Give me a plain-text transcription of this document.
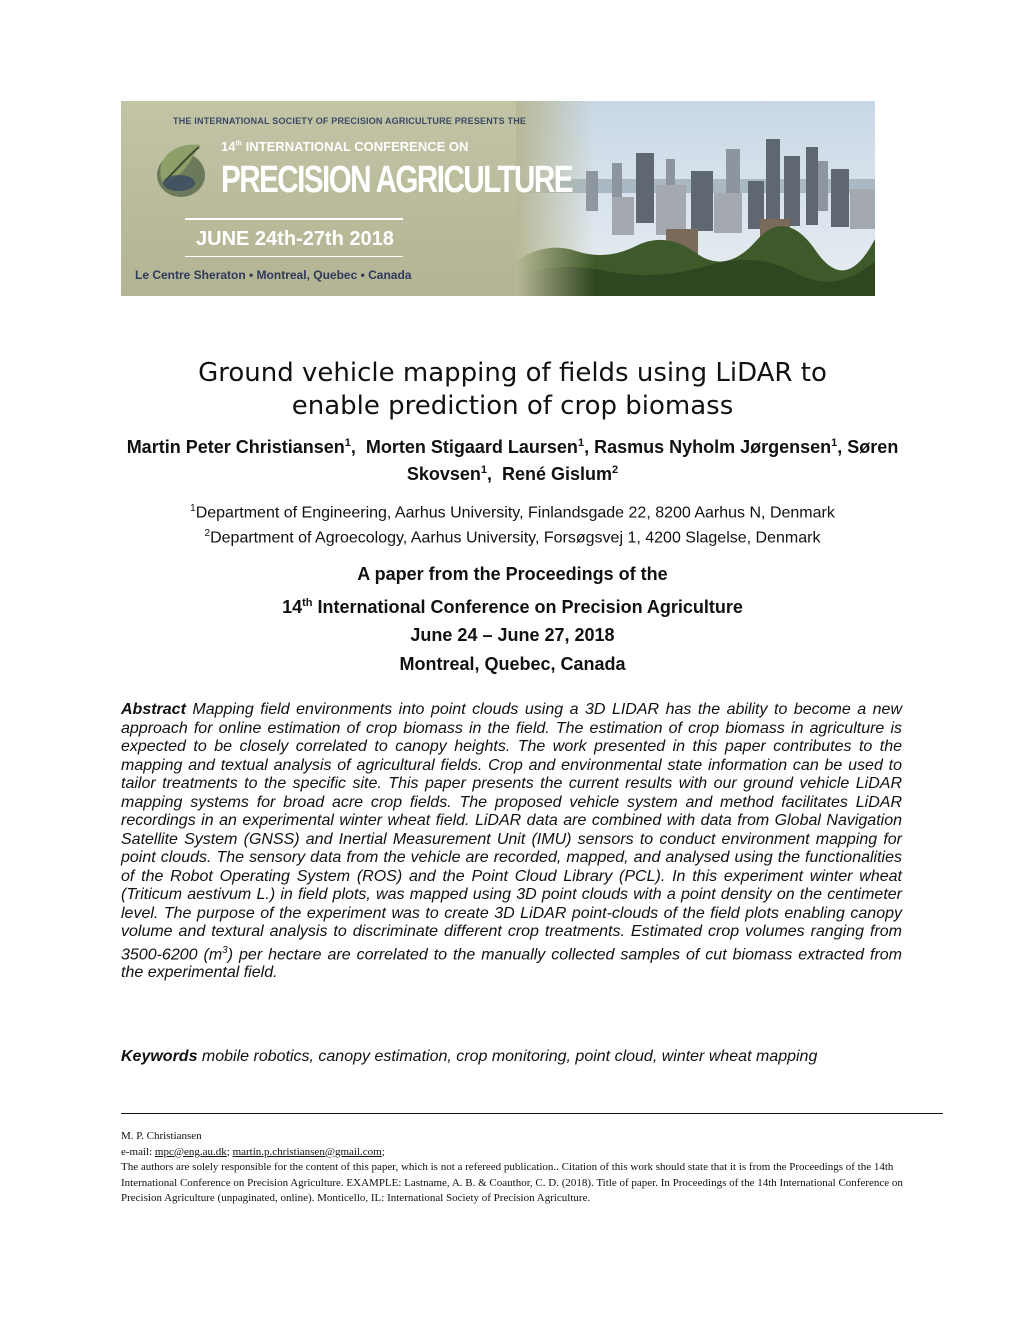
THE INTERNATIONAL SOCIETY OF PRECISION AGRICULTURE PRESENTS THE
14th INTERNATIONAL CONFERENCE ON
PRECISION AGRICULTURE
JUNE 24th-27th 2018
Le Centre Sheraton • Montreal, Quebec • Canada
Ground vehicle mapping of fields using LiDAR to
enable prediction of crop biomass
Martin Peter Christiansen$^1$,  Morten Stigaard Laursen$^1$, Rasmus Nyholm Jørgensen$^1$, Søren Skovsen$^1$,  René Gislum$^2$
$^1$Department of Engineering, Aarhus University, Finlandsgade 22, 8200 Aarhus N, Denmark
$^2$Department of Agroecology, Aarhus University, Forsøgsvej 1, 4200 Slagelse, Denmark
A paper from the Proceedings of the
14th International Conference on Precision Agriculture
June 24 – June 27, 2018
Montreal, Quebec, Canada
Abstract Mapping field environments into point clouds using a 3D LIDAR has the ability to become a new approach for online estimation of crop biomass in the field. The estimation of crop biomass in agriculture is expected to be closely correlated to canopy heights. The work presented in this paper contributes to the mapping and textual analysis of agricultural fields. Crop and environmental state information can be used to tailor treatments to the specific site. This paper presents the current results with our ground vehicle LiDAR mapping systems for broad acre crop fields. The proposed vehicle system and method facilitates LiDAR recordings in an experimental winter wheat field. LiDAR data are combined with data from Global Navigation Satellite System (GNSS) and Inertial Measurement Unit (IMU) sensors to conduct environment mapping for point clouds. The sensory data from the vehicle are recorded, mapped, and analysed using the functionalities of the Robot Operating System (ROS) and the Point Cloud Library (PCL). In this experiment winter wheat (Triticum aestivum L.) in field plots, was mapped using 3D point clouds with a point density on the centimeter level. The purpose of the experiment was to create 3D LiDAR point-clouds of the field plots enabling canopy volume and textural analysis to discriminate different crop treatments. Estimated crop volumes ranging from 3500-6200 $(m^3)$ per hectare are correlated to the manually collected samples of cut biomass extracted from the experimental field.
Keywords mobile robotics, canopy estimation, crop monitoring, point cloud, winter wheat mapping
M. P. Christiansen
e-mail: mpc@eng.au.dk; martin.p.christiansen@gmail.com;
The authors are solely responsible for the content of this paper, which is not a refereed publication.. Citation of this work should state that it is from the Proceedings of the 14th International Conference on Precision Agriculture. EXAMPLE: Lastname, A. B. & Coauthor, C. D. (2018). Title of paper. In Proceedings of the 14th International Conference on Precision Agriculture (unpaginated, online). Monticello, IL: International Society of Precision Agriculture.
